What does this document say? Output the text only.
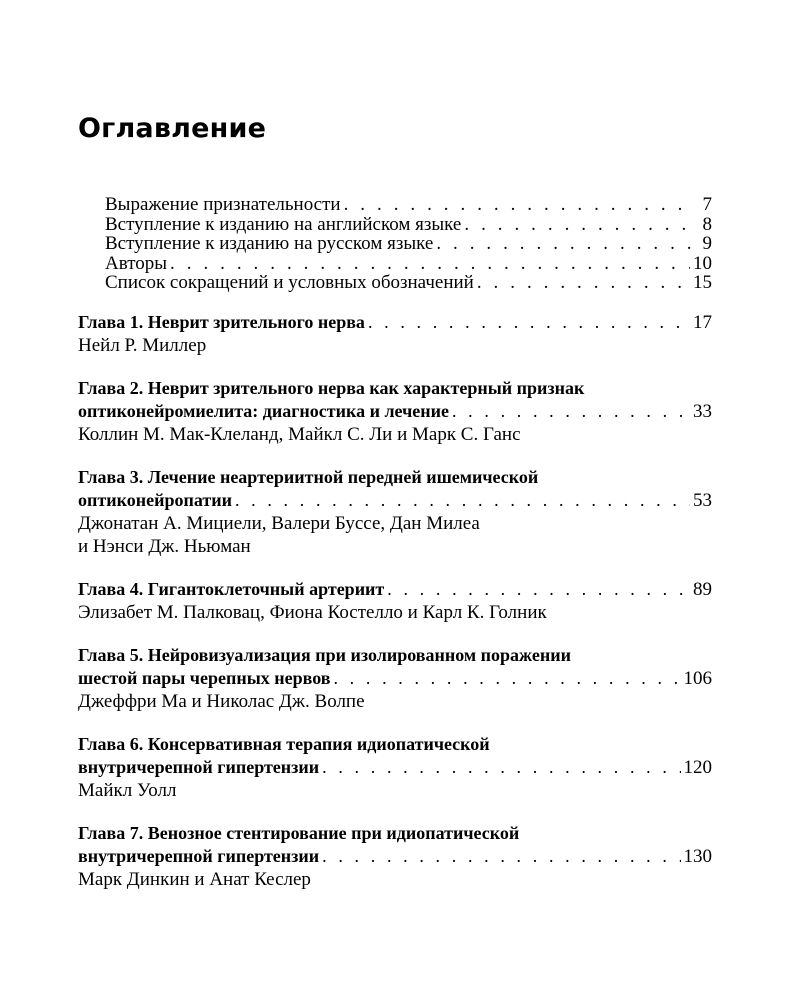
Оглавление
Выражение признательности . . .	7
Вступление к изданию на английском языке . . .	8
Вступление к изданию на русском языке . . .	9
Авторы . . .	10
Список сокращений и условных обозначений . . .	15
Глава 1. Неврит зрительного нерва . . .	17
Нейл Р. Миллер
Глава 2. Неврит зрительного нерва как характерный признак
оптиконейромиелита: диагностика и лечение . . .	33
Коллин М. Мак-Клеланд, Майкл С. Ли и Марк С. Ганс
Глава 3. Лечение неартериитной передней ишемической
оптиконейропатии . . .	53
Джонатан А. Мициели, Валери Буссе, Дан Милеа
и Нэнси Дж. Ньюман
Глава 4. Гигантоклеточный артериит . . .	89
Элизабет М. Палковац, Фиона Костелло и Карл К. Голник
Глава 5. Нейровизуализация при изолированном поражении
шестой пары черепных нервов . . .	106
Джеффри Ма и Николас Дж. Волпе
Глава 6. Консервативная терапия идиопатической
внутричерепной гипертензии . . .	120
Майкл Уолл
Глава 7. Венозное стентирование при идиопатической
внутричерепной гипертензии . . .	130
Марк Динкин и Анат Кеслер
